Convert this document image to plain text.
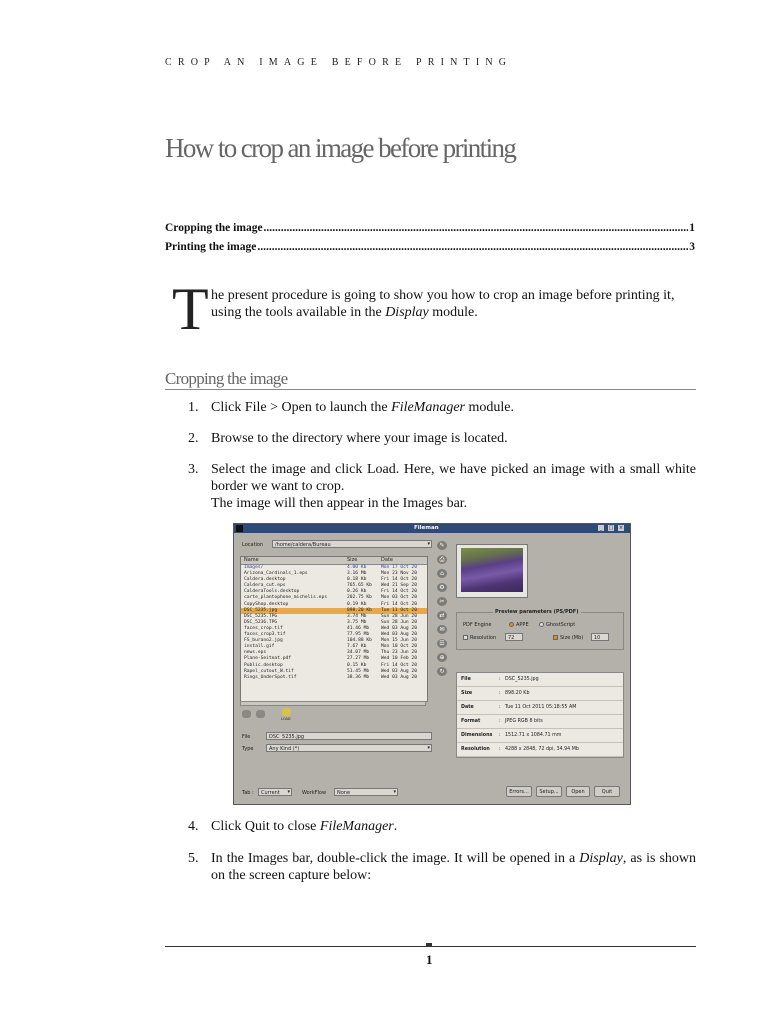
CROP AN IMAGE BEFORE PRINTING
How to crop an image before printing
Cropping the image .....	1
Printing the image .....	3
T he present procedure is going to show you how to crop an image before printing it, using the tools available in the Display module.
Cropping the image
1. Click File > Open to launch the FileManager module.
2. Browse to the directory where your image is located.
3. Select the image and click Load. Here, we have picked an image with a small white border we want to crop.
The image will then appear in the Images bar.
Fileman	_	□ ×
Location	/home/caldera/Bureau	▾
Name	Size	Date
Images/	4.00 Kb	Mon 17 Oct 20
Arizona_Cardinals_1.eps	3.16 Mb	Mon 23 Nov 20
Caldera.desktop	0.18 Kb	Fri 14 Oct 20
Caldera_cut.eps	765.65 Kb Wed 21 Sep 20
CalderaTools.desktop	0.26 Kb	Fri 14 Oct 20
carte_plantophone_michelis.eps	202.75 Kb Mon 03 Oct 20
CopyShop.desktop	0.19 Kb	Fri 14 Oct 20
DSC_5235.jpg	898.20 Kb Tue 11 Oct 20
DSC_5235.TPG	3.74 Mb	Sun 28 Jun 20
DSC_5236.TPG	3.75 Mb	Sun 28 Jun 20
faces_crop.tif	41.46 Mb	Wed 03 Aug 20
faces_crop3.tif	77.95 Mb	Wed 03 Aug 20
FS_burano2.jpg	104.88 Kb Mon 15 Jun 20
install.gif	7.67 Kb	Mon 10 Oct 20
news.eps	34.07 Mb	Thu 23 Jun 20
Plane-Seiteat.pdf	27.27 Mb	Wed 10 Feb 20
Public.desktop	0.15 Kb	Fri 14 Oct 20
Rapel_cutout_W.tif	51.45 Mb	Wed 03 Aug 20
Rings_UnderSpot.tif	38.36 Mb	Wed 03 Aug 20
LOAD
File	DSC_5235.jpg
Type	Any Kind (*)	▾
✎
⎙
⌂
⚙
✂
⇄
✉
☰
⊕
↻
Preview parameters (PS/PDF)
PDF Engine	APPE	GhostScript
Resolution	72	Size (Mb)	10
File	: DSC_5235.jpg
Size	: 898.20 Kb
Date	: Tue 11 Oct 2011 05:18:55 AM
Format	: JPEG RGB 8 bits
Dimensions : 1512.71 x 1084.71 mm
Resolution : 4288 x 2848, 72 dpi, 34.94 Mb
Tab :	Current ▾ WorkFlow	None	▾	Errors...	Setup...	Open	Quit
4. Click Quit to close FileManager.
5. In the Images bar, double-click the image. It will be opened in a Display, as is shown on the screen capture below:
1
